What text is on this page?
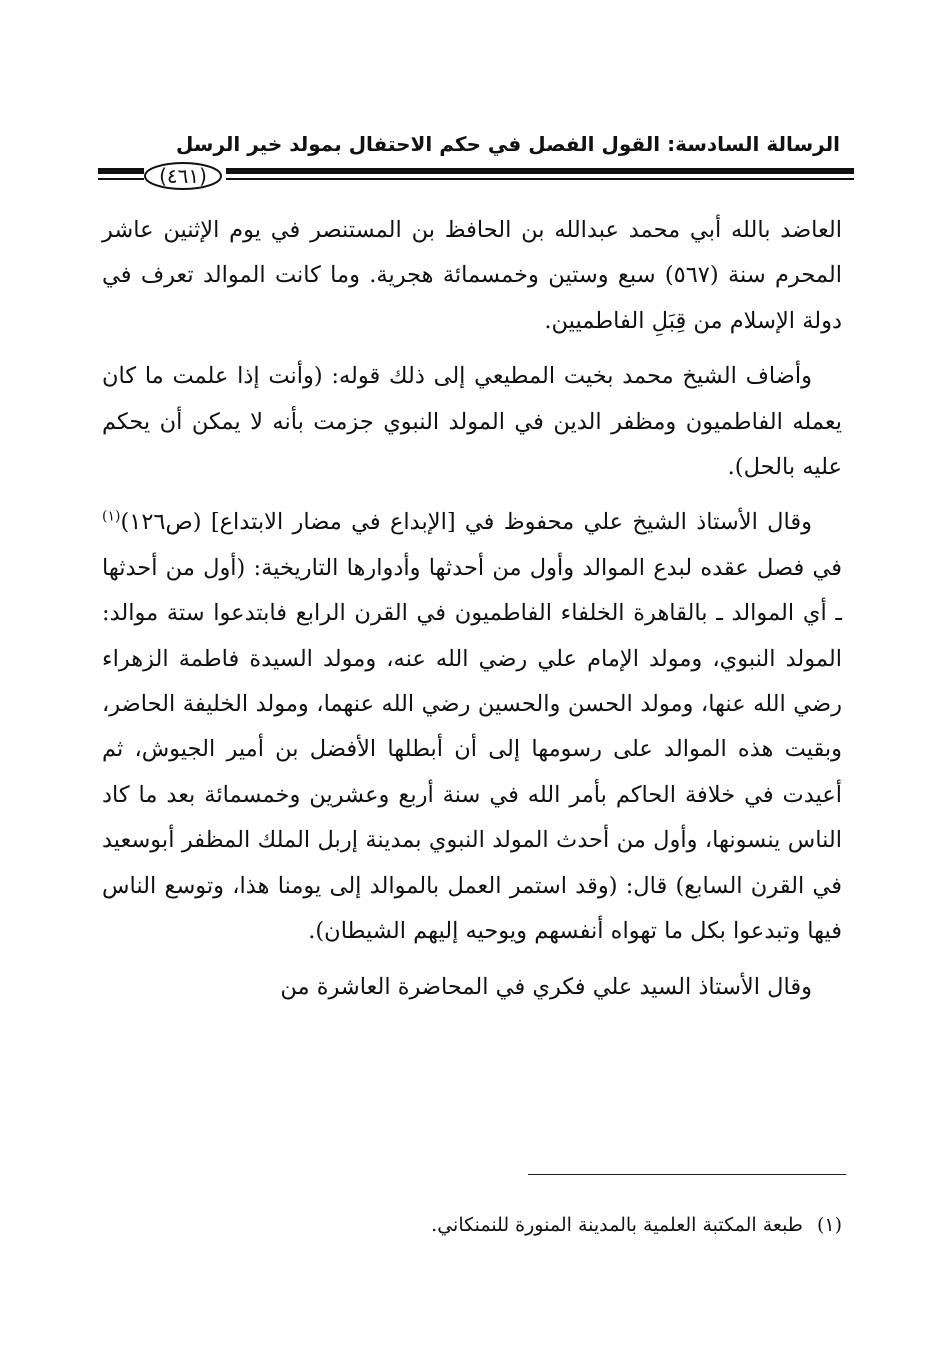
الرسالة السادسة: القول الفصل في حكم الاحتفال بمولد خير الرسل
(٤٦١)

العاضد بالله أبي محمد عبدالله بن الحافظ بن المستنصر في يوم الإثنين عاشر المحرم سنة (٥٦٧) سبع وستين وخمسمائة هجرية. وما كانت الموالد تعرف في دولة الإسلام من قِبَلِ الفاطميين.

وأضاف الشيخ محمد بخيت المطيعي إلى ذلك قوله: (وأنت إذا علمت ما كان يعمله الفاطميون ومظفر الدين في المولد النبوي جزمت بأنه لا يمكن أن يحكم عليه بالحل).

وقال الأستاذ الشيخ علي محفوظ في [الإبداع في مضار الابتداع] (ص١٢٦)$^{(١)}$ في فصل عقده لبدع الموالد وأول من أحدثها وأدوارها التاريخية: (أول من أحدثها ـ أي الموالد ـ بالقاهرة الخلفاء الفاطميون في القرن الرابع فابتدعوا ستة موالد: المولد النبوي، ومولد الإمام علي رضي الله عنه، ومولد السيدة فاطمة الزهراء رضي الله عنها، ومولد الحسن والحسين رضي الله عنهما، ومولد الخليفة الحاضر، وبقيت هذه الموالد على رسومها إلى أن أبطلها الأفضل بن أمير الجيوش، ثم أعيدت في خلافة الحاكم بأمر الله في سنة أربع وعشرين وخمسمائة بعد ما كاد الناس ينسونها، وأول من أحدث المولد النبوي بمدينة إربل الملك المظفر أبوسعيد في القرن السابع) قال: (وقد استمر العمل بالموالد إلى يومنا هذا، وتوسع الناس فيها وتبدعوا بكل ما تهواه أنفسهم ويوحيه إليهم الشيطان).

وقال الأستاذ السيد علي فكري في المحاضرة العاشرة من

(١)طبعة المكتبة العلمية بالمدينة المنورة للنمنكاني.
